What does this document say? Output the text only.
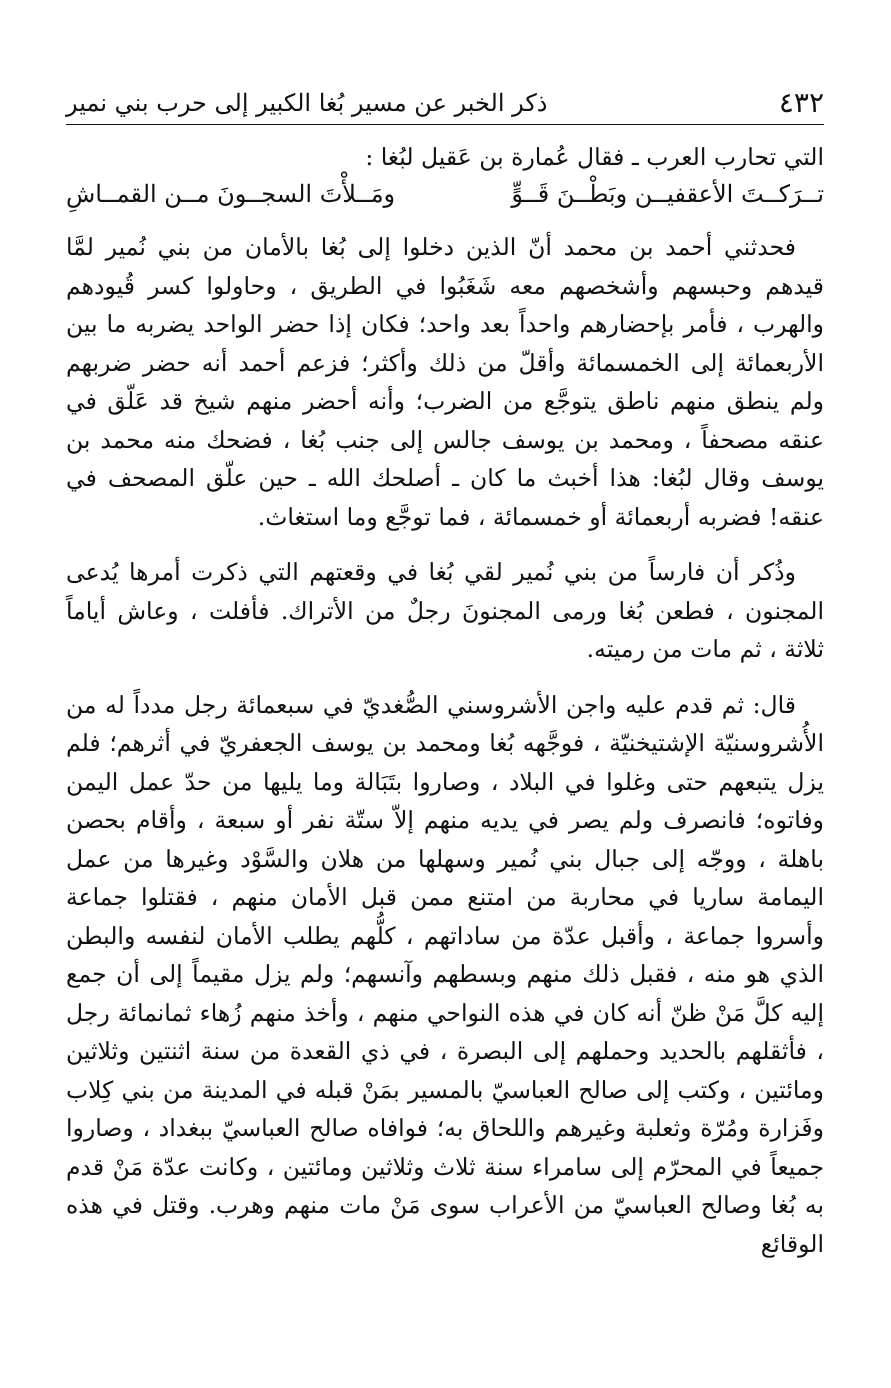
٤٣٢
ذكر الخبر عن مسير بُغا الكبير إلى حرب بني نمير

التي تحارب العرب ـ فقال عُمارة بن عَقيل لبُغا :

تــرَكــتَ الأعقفيــن وبَطْــنَ قَــوٍّ
ومَــلأْتَ السجــونَ مــن القمــاشِ

فحدثني أحمد بن محمد أنّ الذين دخلوا إلى بُغا بالأمان من بني نُمير لمَّا قيدهم وحبسهم وأشخصهم معه شَغَبُوا في الطريق ، وحاولوا كسر قُيودهم والهرب ، فأمر بإحضارهم واحداً بعد واحد؛ فكان إذا حضر الواحد يضربه ما بين الأربعمائة إلى الخمسمائة وأقلّ من ذلك وأكثر؛ فزعم أحمد أنه حضر ضربهم ولم ينطق منهم ناطق يتوجَّع من الضرب؛ وأنه أحضر منهم شيخ قد عَلّق في عنقه مصحفاً ، ومحمد بن يوسف جالس إلى جنب بُغا ، فضحك منه محمد بن يوسف وقال لبُغا: هذا أخبث ما كان ـ أصلحك الله ـ حين علّق المصحف في عنقه! فضربه أربعمائة أو خمسمائة ، فما توجَّع وما استغاث.

وذُكر أن فارساً من بني نُمير لقي بُغا في وقعتهم التي ذكرت أمرها يُدعى المجنون ، فطعن بُغا ورمى المجنونَ رجلٌ من الأتراك. فأفلت ، وعاش أياماً ثلاثة ، ثم مات من رميته.

قال: ثم قدم عليه واجن الأشروسني الصُّغديّ في سبعمائة رجل مدداً له من الأُشروسنيّة الإشتيخنيّة ، فوجَّهه بُغا ومحمد بن يوسف الجعفريّ في أثرهم؛ فلم يزل يتبعهم حتى وغلوا في البلاد ، وصاروا بتَبَالة وما يليها من حدّ عمل اليمن وفاتوه؛ فانصرف ولم يصر في يديه منهم إلاّ ستّة نفر أو سبعة ، وأقام بحصن باهلة ، ووجّه إلى جبال بني نُمير وسهلها من هلان والسَّوْد وغيرها من عمل اليمامة ساريا في محاربة من امتنع ممن قبل الأمان منهم ، فقتلوا جماعة وأسروا جماعة ، وأقبل عدّة من ساداتهم ، كلُّهم يطلب الأمان لنفسه والبطن الذي هو منه ، فقبل ذلك منهم وبسطهم وآنسهم؛ ولم يزل مقيماً إلى أن جمع إليه كلَّ مَنْ ظنّ أنه كان في هذه النواحي منهم ، وأخذ منهم زُهاء ثمانمائة رجل ، فأثقلهم بالحديد وحملهم إلى البصرة ، في ذي القعدة من سنة اثنتين وثلاثين ومائتين ، وكتب إلى صالح العباسيّ بالمسير بمَنْ قبله في المدينة من بني كِلاب وفَزارة ومُرّة وثعلبة وغيرهم واللحاق به؛ فوافاه صالح العباسيّ ببغداد ، وصاروا جميعاً في المحرّم إلى سامراء سنة ثلاث وثلاثين ومائتين ، وكانت عدّة مَنْ قدم به بُغا وصالح العباسيّ من الأعراب سوى مَنْ مات منهم وهرب. وقتل في هذه الوقائع
